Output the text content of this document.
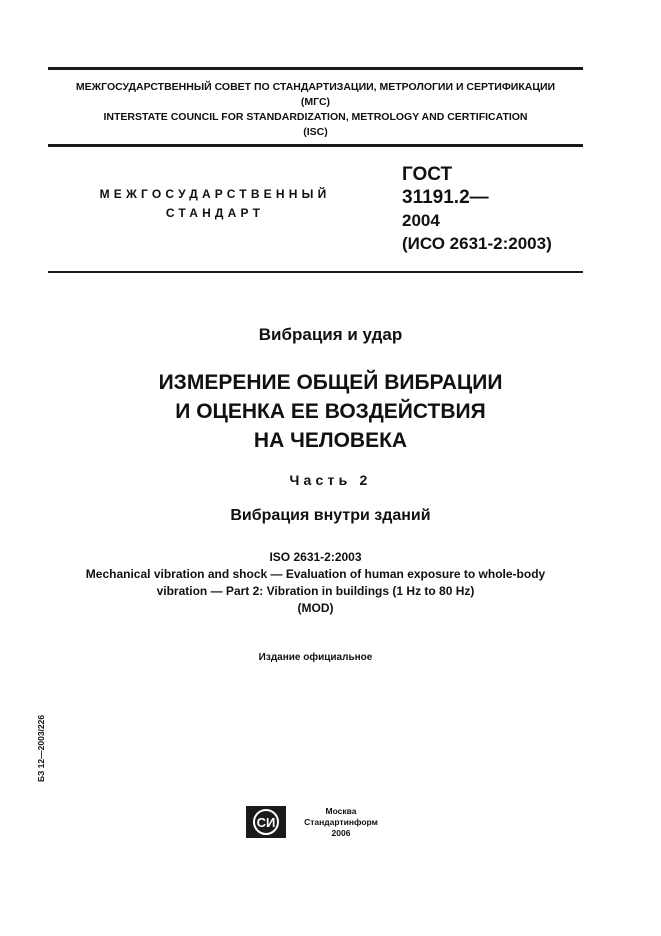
МЕЖГОСУДАРСТВЕННЫЙ СОВЕТ ПО СТАНДАРТИЗАЦИИ, МЕТРОЛОГИИ И СЕРТИФИКАЦИИ
(МГС)
INTERSTATE COUNCIL FOR STANDARDIZATION, METROLOGY AND CERTIFICATION
(ISC)
МЕЖГОСУДАРСТВЕННЫЙ
СТАНДАРТ
ГОСТ
31191.2—
2004
(ИСО 2631-2:2003)
Вибрация и удар
ИЗМЕРЕНИЕ ОБЩЕЙ ВИБРАЦИИ
И ОЦЕНКА ЕЕ ВОЗДЕЙСТВИЯ
НА ЧЕЛОВЕКА
Часть 2
Вибрация внутри зданий
ISO 2631-2:2003
Mechanical vibration and shock — Evaluation of human exposure to whole-body
vibration — Part 2: Vibration in buildings (1 Hz to 80 Hz)
(MOD)
Издание официальное
БЗ 12—2003/226
СИ
Москва
Стандартинформ
2006
